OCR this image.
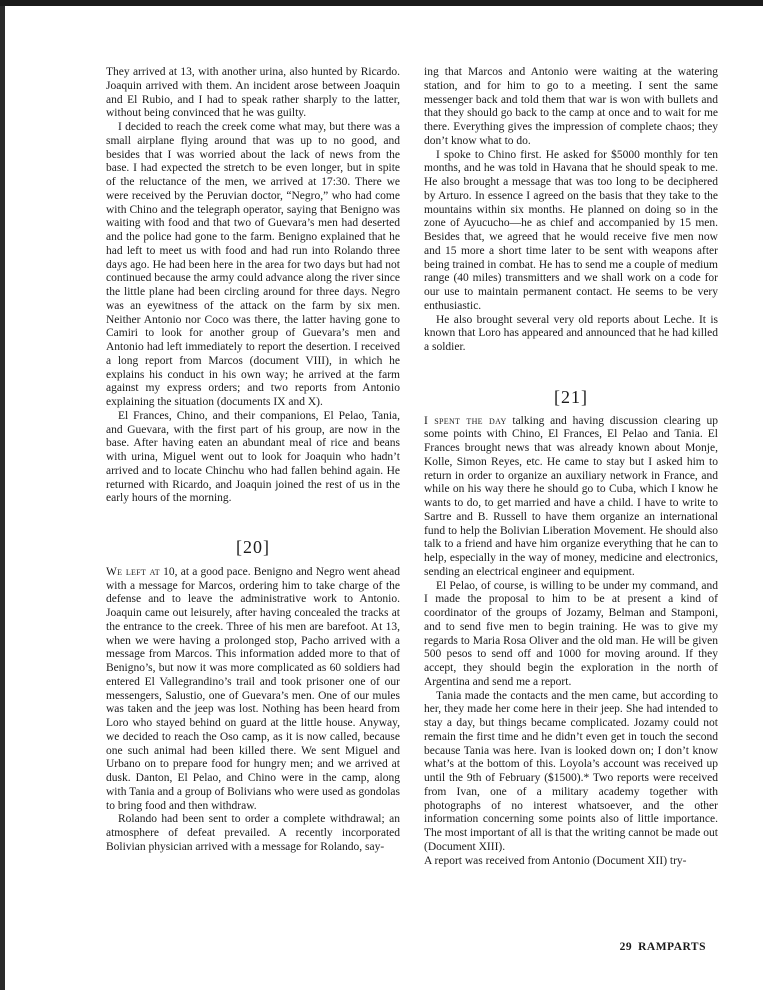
They arrived at 13, with another urina, also hunted by Ricardo. Joaquin arrived with them. An incident arose between Joaquin and El Rubio, and I had to speak rather sharply to the latter, without being convinced that he was guilty.

I decided to reach the creek come what may, but there was a small airplane flying around that was up to no good, and besides that I was worried about the lack of news from the base. I had expected the stretch to be even longer, but in spite of the reluctance of the men, we arrived at 17:30. There we were received by the Peruvian doctor, “Negro,” who had come with Chino and the telegraph operator, saying that Benigno was waiting with food and that two of Guevara’s men had deserted and the police had gone to the farm. Benigno explained that he had left to meet us with food and had run into Rolando three days ago. He had been here in the area for two days but had not continued because the army could advance along the river since the little plane had been circling around for three days. Negro was an eyewitness of the attack on the farm by six men. Neither Antonio nor Coco was there, the latter having gone to Camiri to look for another group of Guevara’s men and Antonio had left immediately to report the desertion. I received a long report from Marcos (document VIII), in which he explains his conduct in his own way; he arrived at the farm against my express orders; and two reports from Antonio explaining the situation (documents IX and X).

El Frances, Chino, and their companions, El Pelao, Tania, and Guevara, with the first part of his group, are now in the base. After having eaten an abundant meal of rice and beans with urina, Miguel went out to look for Joaquin who hadn’t arrived and to locate Chinchu who had fallen behind again. He returned with Ricardo, and Joaquin joined the rest of us in the early hours of the morning.

[20]

We left at 10, at a good pace. Benigno and Negro went ahead with a message for Marcos, ordering him to take charge of the defense and to leave the administrative work to Antonio. Joaquin came out leisurely, after having concealed the tracks at the entrance to the creek. Three of his men are barefoot. At 13, when we were having a prolonged stop, Pacho arrived with a message from Marcos. This information added more to that of Benigno’s, but now it was more complicated as 60 soldiers had entered El Vallegrandino’s trail and took prisoner one of our messengers, Salustio, one of Guevara’s men. One of our mules was taken and the jeep was lost. Nothing has been heard from Loro who stayed behind on guard at the little house. Anyway, we decided to reach the Oso camp, as it is now called, because one such animal had been killed there. We sent Miguel and Urbano on to prepare food for hungry men; and we arrived at dusk. Danton, El Pelao, and Chino were in the camp, along with Tania and a group of Bolivians who were used as gondolas to bring food and then withdraw.

Rolando had been sent to order a complete withdrawal; an atmosphere of defeat prevailed. A recently incorporated Bolivian physician arrived with a message for Rolando, say-

ing that Marcos and Antonio were waiting at the watering station, and for him to go to a meeting. I sent the same messenger back and told them that war is won with bullets and that they should go back to the camp at once and to wait for me there. Everything gives the impression of complete chaos; they don’t know what to do.

I spoke to Chino first. He asked for $5000 monthly for ten months, and he was told in Havana that he should speak to me. He also brought a message that was too long to be deciphered by Arturo. In essence I agreed on the basis that they take to the mountains within six months. He planned on doing so in the zone of Ayucucho—he as chief and accompanied by 15 men. Besides that, we agreed that he would receive five men now and 15 more a short time later to be sent with weapons after being trained in combat. He has to send me a couple of medium range (40 miles) transmitters and we shall work on a code for our use to maintain permanent contact. He seems to be very enthusiastic.

He also brought several very old reports about Leche. It is known that Loro has appeared and announced that he had killed a soldier.

[21]

I spent the day talking and having discussion clearing up some points with Chino, El Frances, El Pelao and Tania. El Frances brought news that was already known about Monje, Kolle, Simon Reyes, etc. He came to stay but I asked him to return in order to organize an auxiliary network in France, and while on his way there he should go to Cuba, which I know he wants to do, to get married and have a child. I have to write to Sartre and B. Russell to have them organize an international fund to help the Bolivian Liberation Movement. He should also talk to a friend and have him organize everything that he can to help, especially in the way of money, medicine and electronics, sending an electrical engineer and equipment.

El Pelao, of course, is willing to be under my command, and I made the proposal to him to be at present a kind of coordinator of the groups of Jozamy, Belman and Stamponi, and to send five men to begin training. He was to give my regards to Maria Rosa Oliver and the old man. He will be given 500 pesos to send off and 1000 for moving around. If they accept, they should begin the exploration in the north of Argentina and send me a report.

Tania made the contacts and the men came, but according to her, they made her come here in their jeep. She had intended to stay a day, but things became complicated. Jozamy could not remain the first time and he didn’t even get in touch the second because Tania was here. Ivan is looked down on; I don’t know what’s at the bottom of this. Loyola’s account was received up until the 9th of February ($1500).* Two reports were received from Ivan, one of a military academy together with photographs of no interest whatsoever, and the other information concerning some points also of little importance. The most important of all is that the writing cannot be made out (Document XIII).

A report was received from Antonio (Document XII) try-

29 RAMPARTS
